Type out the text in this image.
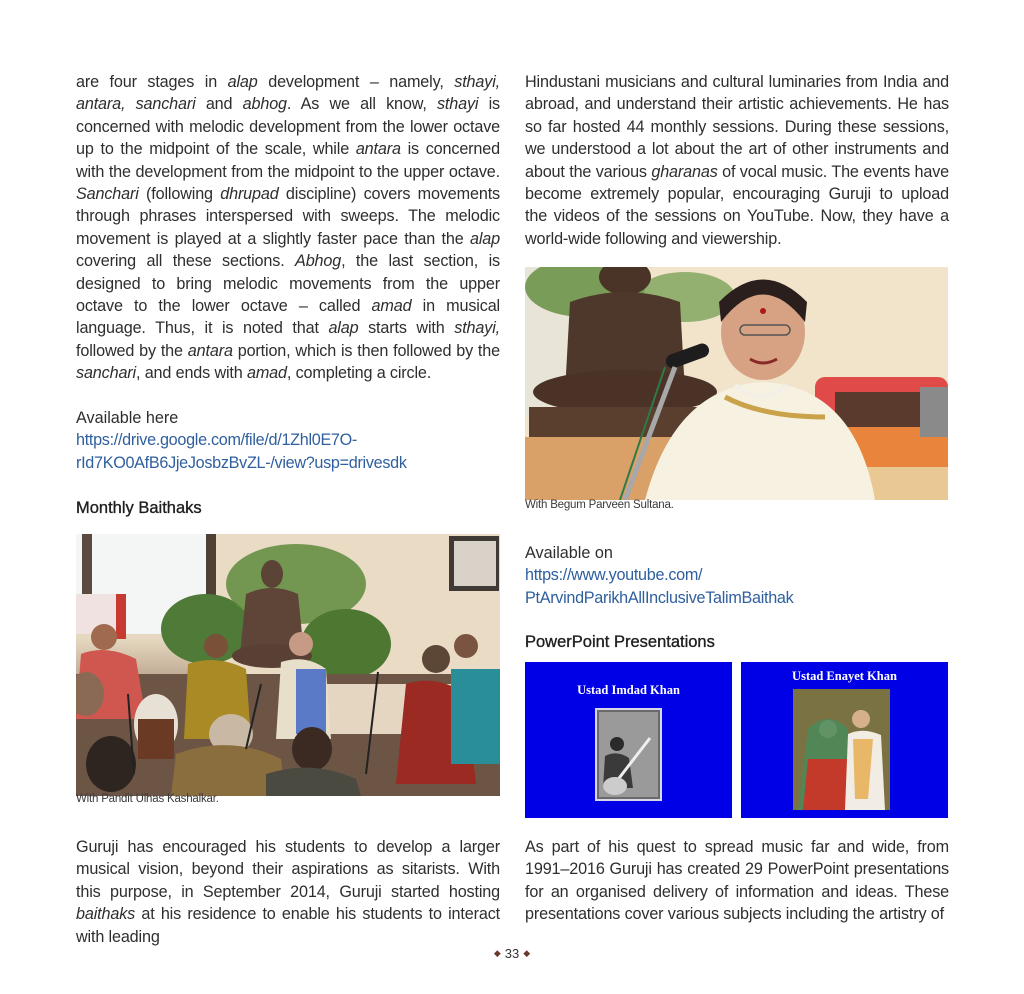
are four stages in alap development – namely, sthayi, antara, sanchari and abhog. As we all know, sthayi is concerned with melodic development from the lower octave up to the midpoint of the scale, while antara is concerned with the development from the midpoint to the upper octave. Sanchari (following dhrupad discipline) covers movements through phrases interspersed with sweeps. The melodic movement is played at a slightly faster pace than the alap covering all these sections. Abhog, the last section, is designed to bring melodic movements from the upper octave to the lower octave – called amad in musical language. Thus, it is noted that alap starts with sthayi, followed by the antara portion, which is then followed by the sanchari, and ends with amad, completing a circle.

Available here

https://drive.google.com/file/d/1Zhl0E7O-
rId7KO0AfB6JjeJosbzBvZL-/view?usp=drivesdk
Monthly Baithaks

With Pandit Ulhas Kashalkar.

Guruji has encouraged his students to develop a larger musical vision, beyond their aspirations as sitarists. With this purpose, in September 2014, Guruji started hosting baithaks at his residence to enable his students to interact with leading

Hindustani musicians and cultural luminaries from India and abroad, and understand their artistic achievements. He has so far hosted 44 monthly sessions. During these sessions, we understood a lot about the art of other instruments and about the various gharanas of vocal music. The events have become extremely popular, encouraging Guruji to upload the videos of the sessions on YouTube. Now, they have a world-wide following and viewership.

With Begum Parveen Sultana.

Available on

https://www.youtube.com/
PtArvindParikhAllInclusiveTalimBaithak
PowerPoint Presentations
Ustad Imdad Khan
Ustad Enayet Khan

As part of his quest to spread music far and wide, from 1991–2016 Guruji has created 29 PowerPoint presentations for an organised delivery of information and ideas. These presentations cover various subjects including the artistry of

◆ 33 ◆
